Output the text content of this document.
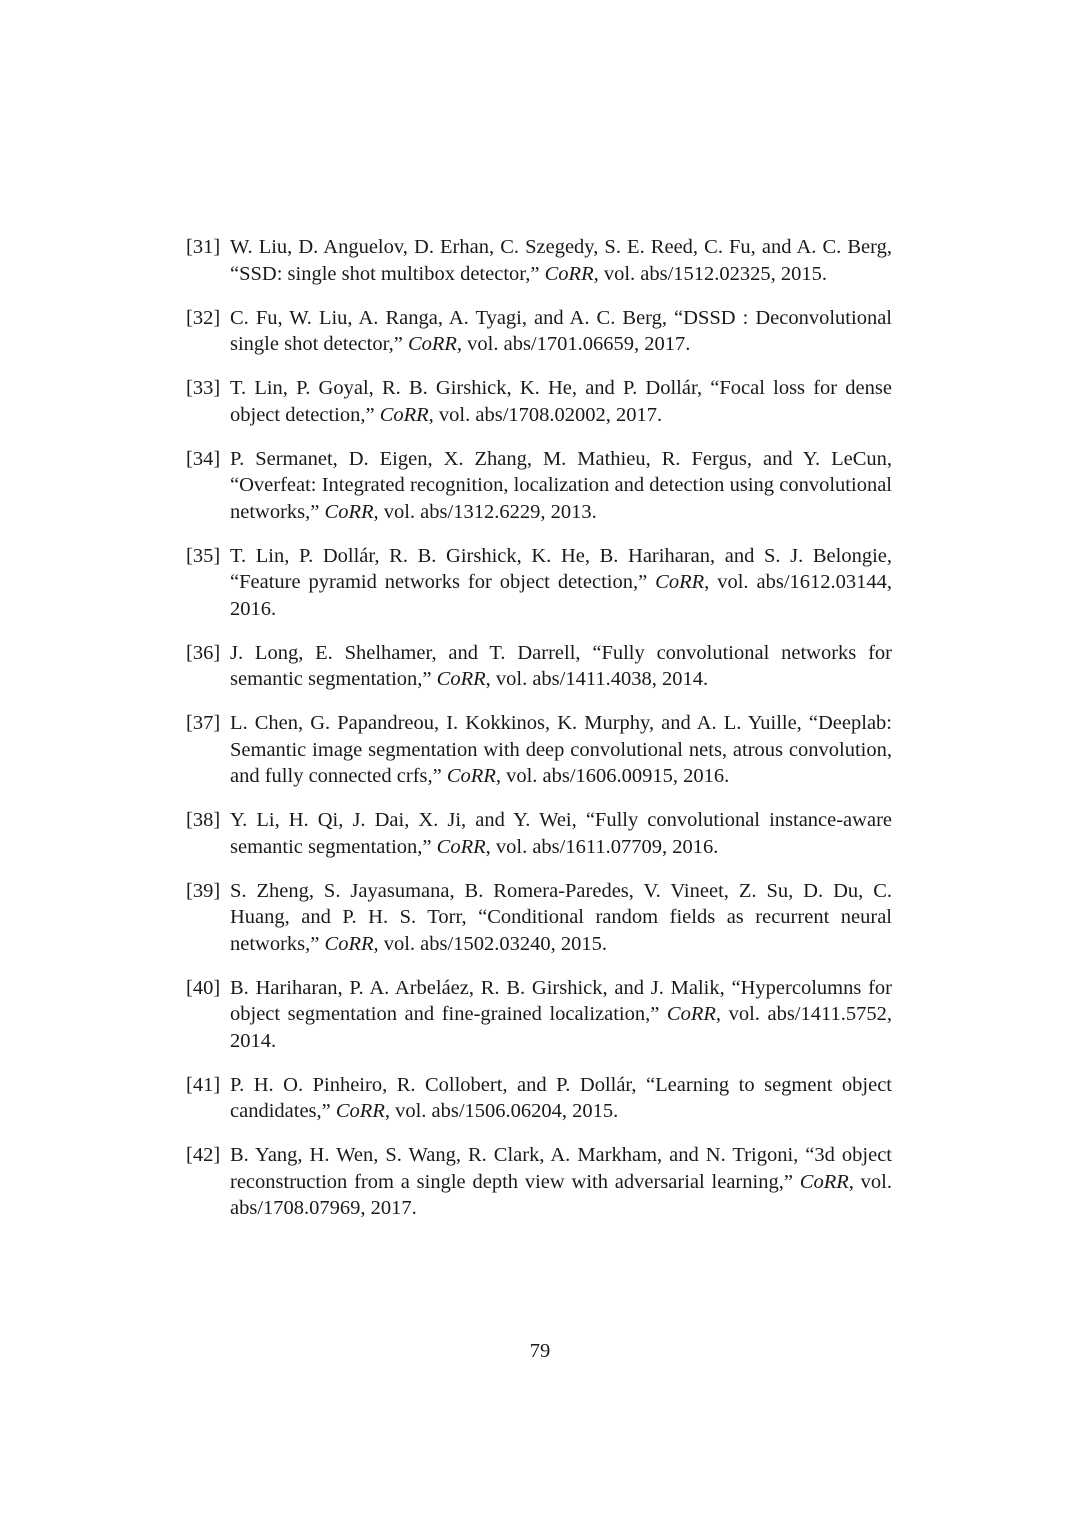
[31] W. Liu, D. Anguelov, D. Erhan, C. Szegedy, S. E. Reed, C. Fu, and A. C. Berg, “SSD: single shot multibox detector,” CoRR, vol. abs/1512.02325, 2015.
[32] C. Fu, W. Liu, A. Ranga, A. Tyagi, and A. C. Berg, “DSSD : Deconvolutional single shot detector,” CoRR, vol. abs/1701.06659, 2017.
[33] T. Lin, P. Goyal, R. B. Girshick, K. He, and P. Dollár, “Focal loss for dense object detection,” CoRR, vol. abs/1708.02002, 2017.
[34] P. Sermanet, D. Eigen, X. Zhang, M. Mathieu, R. Fergus, and Y. LeCun, “Overfeat: Integrated recognition, localization and detection using convolutional networks,” CoRR, vol. abs/1312.6229, 2013.
[35] T. Lin, P. Dollár, R. B. Girshick, K. He, B. Hariharan, and S. J. Belongie, “Feature pyramid networks for object detection,” CoRR, vol. abs/1612.03144, 2016.
[36] J. Long, E. Shelhamer, and T. Darrell, “Fully convolutional networks for semantic segmentation,” CoRR, vol. abs/1411.4038, 2014.
[37] L. Chen, G. Papandreou, I. Kokkinos, K. Murphy, and A. L. Yuille, “Deeplab: Semantic image segmentation with deep convolutional nets, atrous convolution, and fully connected crfs,” CoRR, vol. abs/1606.00915, 2016.
[38] Y. Li, H. Qi, J. Dai, X. Ji, and Y. Wei, “Fully convolutional instance-aware semantic segmentation,” CoRR, vol. abs/1611.07709, 2016.
[39] S. Zheng, S. Jayasumana, B. Romera-Paredes, V. Vineet, Z. Su, D. Du, C. Huang, and P. H. S. Torr, “Conditional random fields as recurrent neural networks,” CoRR, vol. abs/1502.03240, 2015.
[40] B. Hariharan, P. A. Arbeláez, R. B. Girshick, and J. Malik, “Hypercolumns for object segmentation and fine-grained localization,” CoRR, vol. abs/1411.5752, 2014.
[41] P. H. O. Pinheiro, R. Collobert, and P. Dollár, “Learning to segment object candidates,” CoRR, vol. abs/1506.06204, 2015.
[42] B. Yang, H. Wen, S. Wang, R. Clark, A. Markham, and N. Trigoni, “3d object reconstruction from a single depth view with adversarial learning,” CoRR, vol. abs/1708.07969, 2017.
79
